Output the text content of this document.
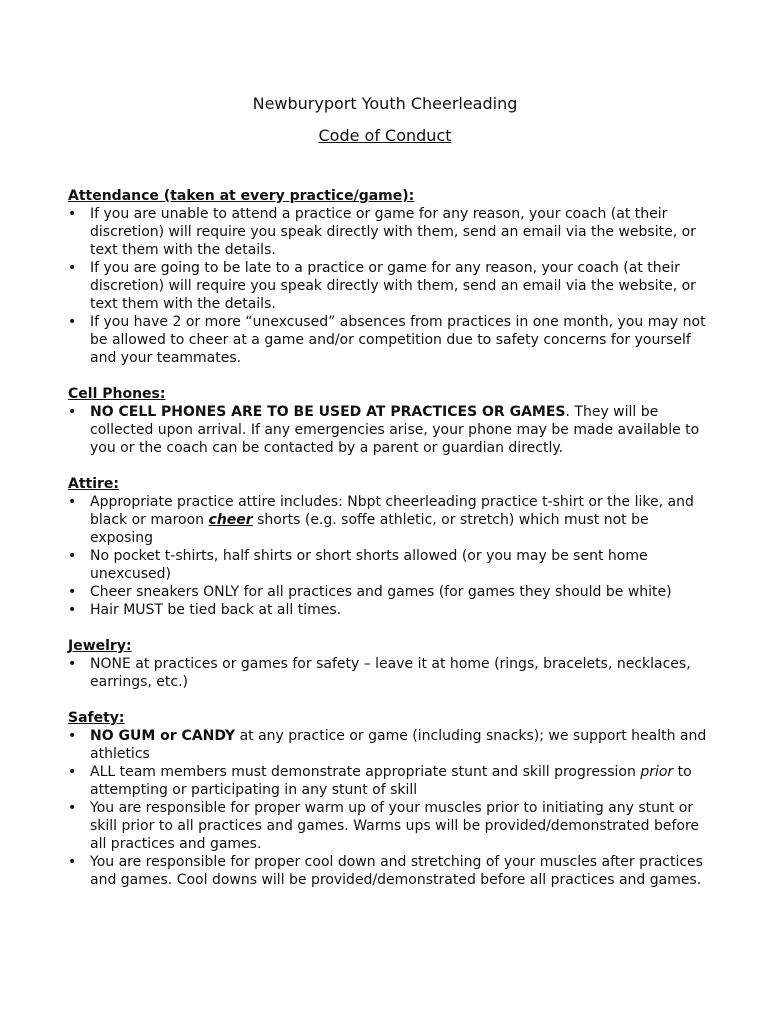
Newburyport Youth Cheerleading
Code of Conduct
Attendance (taken at every practice/game):
• If you are unable to attend a practice or game for any reason, your coach (at their discretion) will require you speak directly with them, send an email via the website, or text them with the details.
• If you are going to be late to a practice or game for any reason, your coach (at their discretion) will require you speak directly with them, send an email via the website, or text them with the details.
• If you have 2 or more “unexcused” absences from practices in one month, you may not be allowed to cheer at a game and/or competition due to safety concerns for yourself and your teammates.
Cell Phones:
• NO CELL PHONES ARE TO BE USED AT PRACTICES OR GAMES. They will be collected upon arrival. If any emergencies arise, your phone may be made available to you or the coach can be contacted by a parent or guardian directly.
Attire:
• Appropriate practice attire includes: Nbpt cheerleading practice t-shirt or the like, and black or maroon cheer shorts (e.g. soffe athletic, or stretch) which must not be exposing
• No pocket t-shirts, half shirts or short shorts allowed (or you may be sent home unexcused)
• Cheer sneakers ONLY for all practices and games (for games they should be white)
• Hair MUST be tied back at all times.
Jewelry:
• NONE at practices or games for safety – leave it at home (rings, bracelets, necklaces, earrings, etc.)
Safety:
• NO GUM or CANDY at any practice or game (including snacks); we support health and athletics
• ALL team members must demonstrate appropriate stunt and skill progression prior to attempting or participating in any stunt of skill
• You are responsible for proper warm up of your muscles prior to initiating any stunt or skill prior to all practices and games. Warms ups will be provided/demonstrated before all practices and games.
• You are responsible for proper cool down and stretching of your muscles after practices and games. Cool downs will be provided/demonstrated before all practices and games.
